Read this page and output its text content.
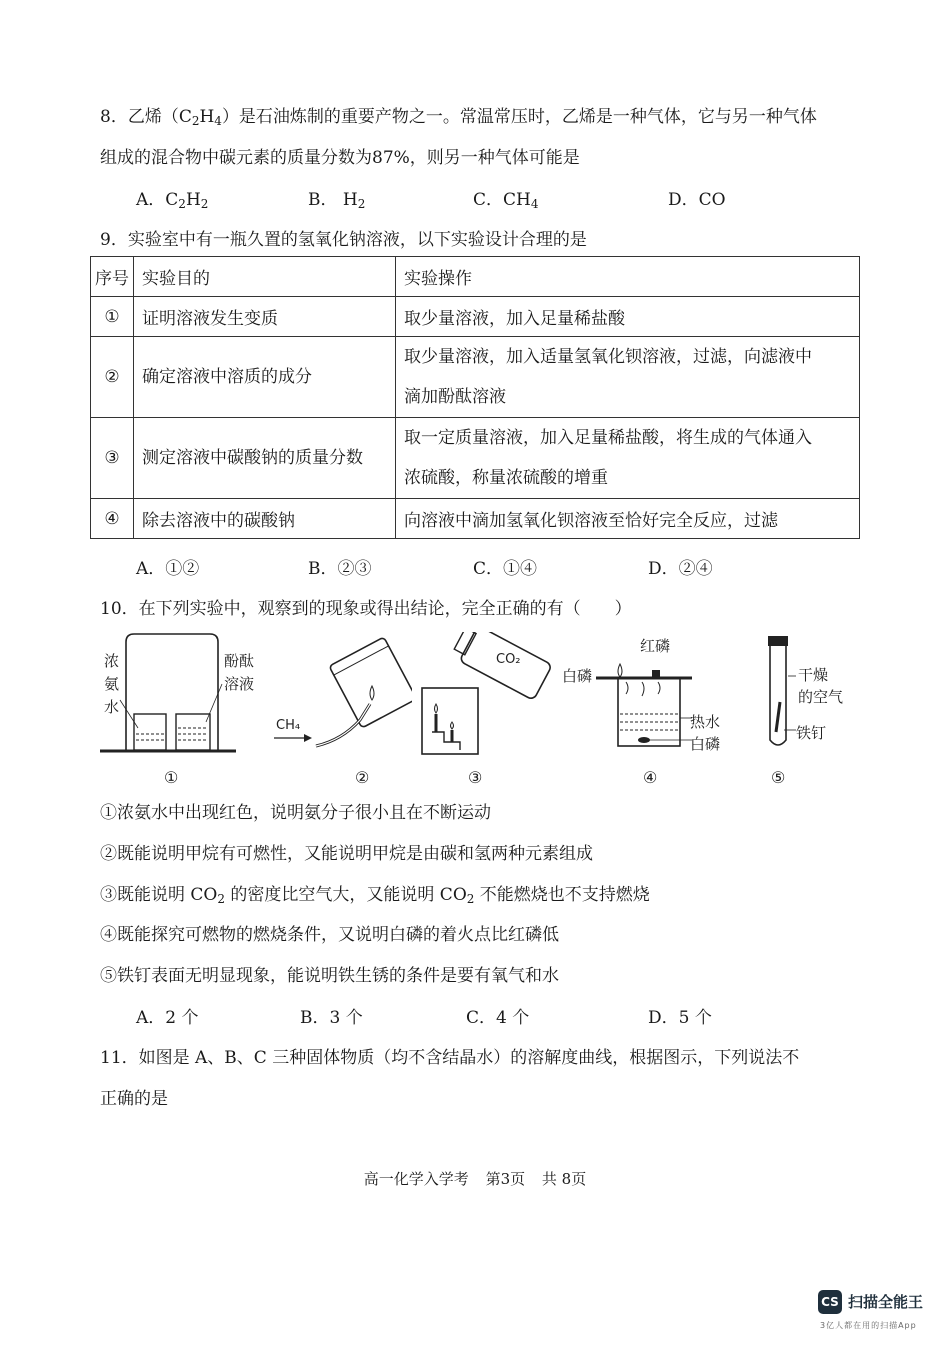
8．乙烯$(C_2H_4)$是石油炼制的重要产物之一。常温常压时，乙烯是一种气体，它与另一种气体
组成的混合物中碳元素的质量分数为87%，则另一种气体可能是
A．$C_2H_2$	B． $H_2$	C．$CH_4$	D．CO
9．实验室中有一瓶久置的氢氧化钠溶液，以下实验设计合理的是
序号	实验目的	实验操作
①	证明溶液发生变质	取少量溶液，加入足量稀盐酸
②	确定溶液中溶质的成分	取少量溶液，加入适量氢氧化钡溶液，过滤，向滤液中
滴加酚酞溶液

③	测定溶液中碳酸钠的质量分数	取一定质量溶液，加入足量稀盐酸，将生成的气体通入
浓硫酸，称量浓硫酸的增重

④	除去溶液中的碳酸钠	向溶液中滴加氢氧化钡溶液至恰好完全反应，过滤
A．①②	B．②③	C．①④	D．②④
10．在下列实验中，观察到的现象或得出结论，完全正确的有（　　）
浓
氨
水
酚酞
溶液
CH₄
CO₂
白磷
红磷
热水
白磷
干燥
的空气
铁钉
①	②	③	④	⑤
①浓氨水中出现红色，说明氨分子很小且在不断运动
②既能说明甲烷有可燃性，又能说明甲烷是由碳和氢两种元素组成
③既能说明 $CO_2$ 的密度比空气大，又能说明 $CO_2$ 不能燃烧也不支持燃烧
④既能探究可燃物的燃烧条件，又说明白磷的着火点比红磷低
⑤铁钉表面无明显现象，能说明铁生锈的条件是要有氧气和水
A．2 个	B．3 个	C．4 个	D．5 个
11．如图是 A、B、C 三种固体物质（均不含结晶水）的溶解度曲线，根据图示，下列说法不
正确的是
高一化学入学考 第3页 共 8页
CS 扫描全能王
3亿人都在用的扫描App
